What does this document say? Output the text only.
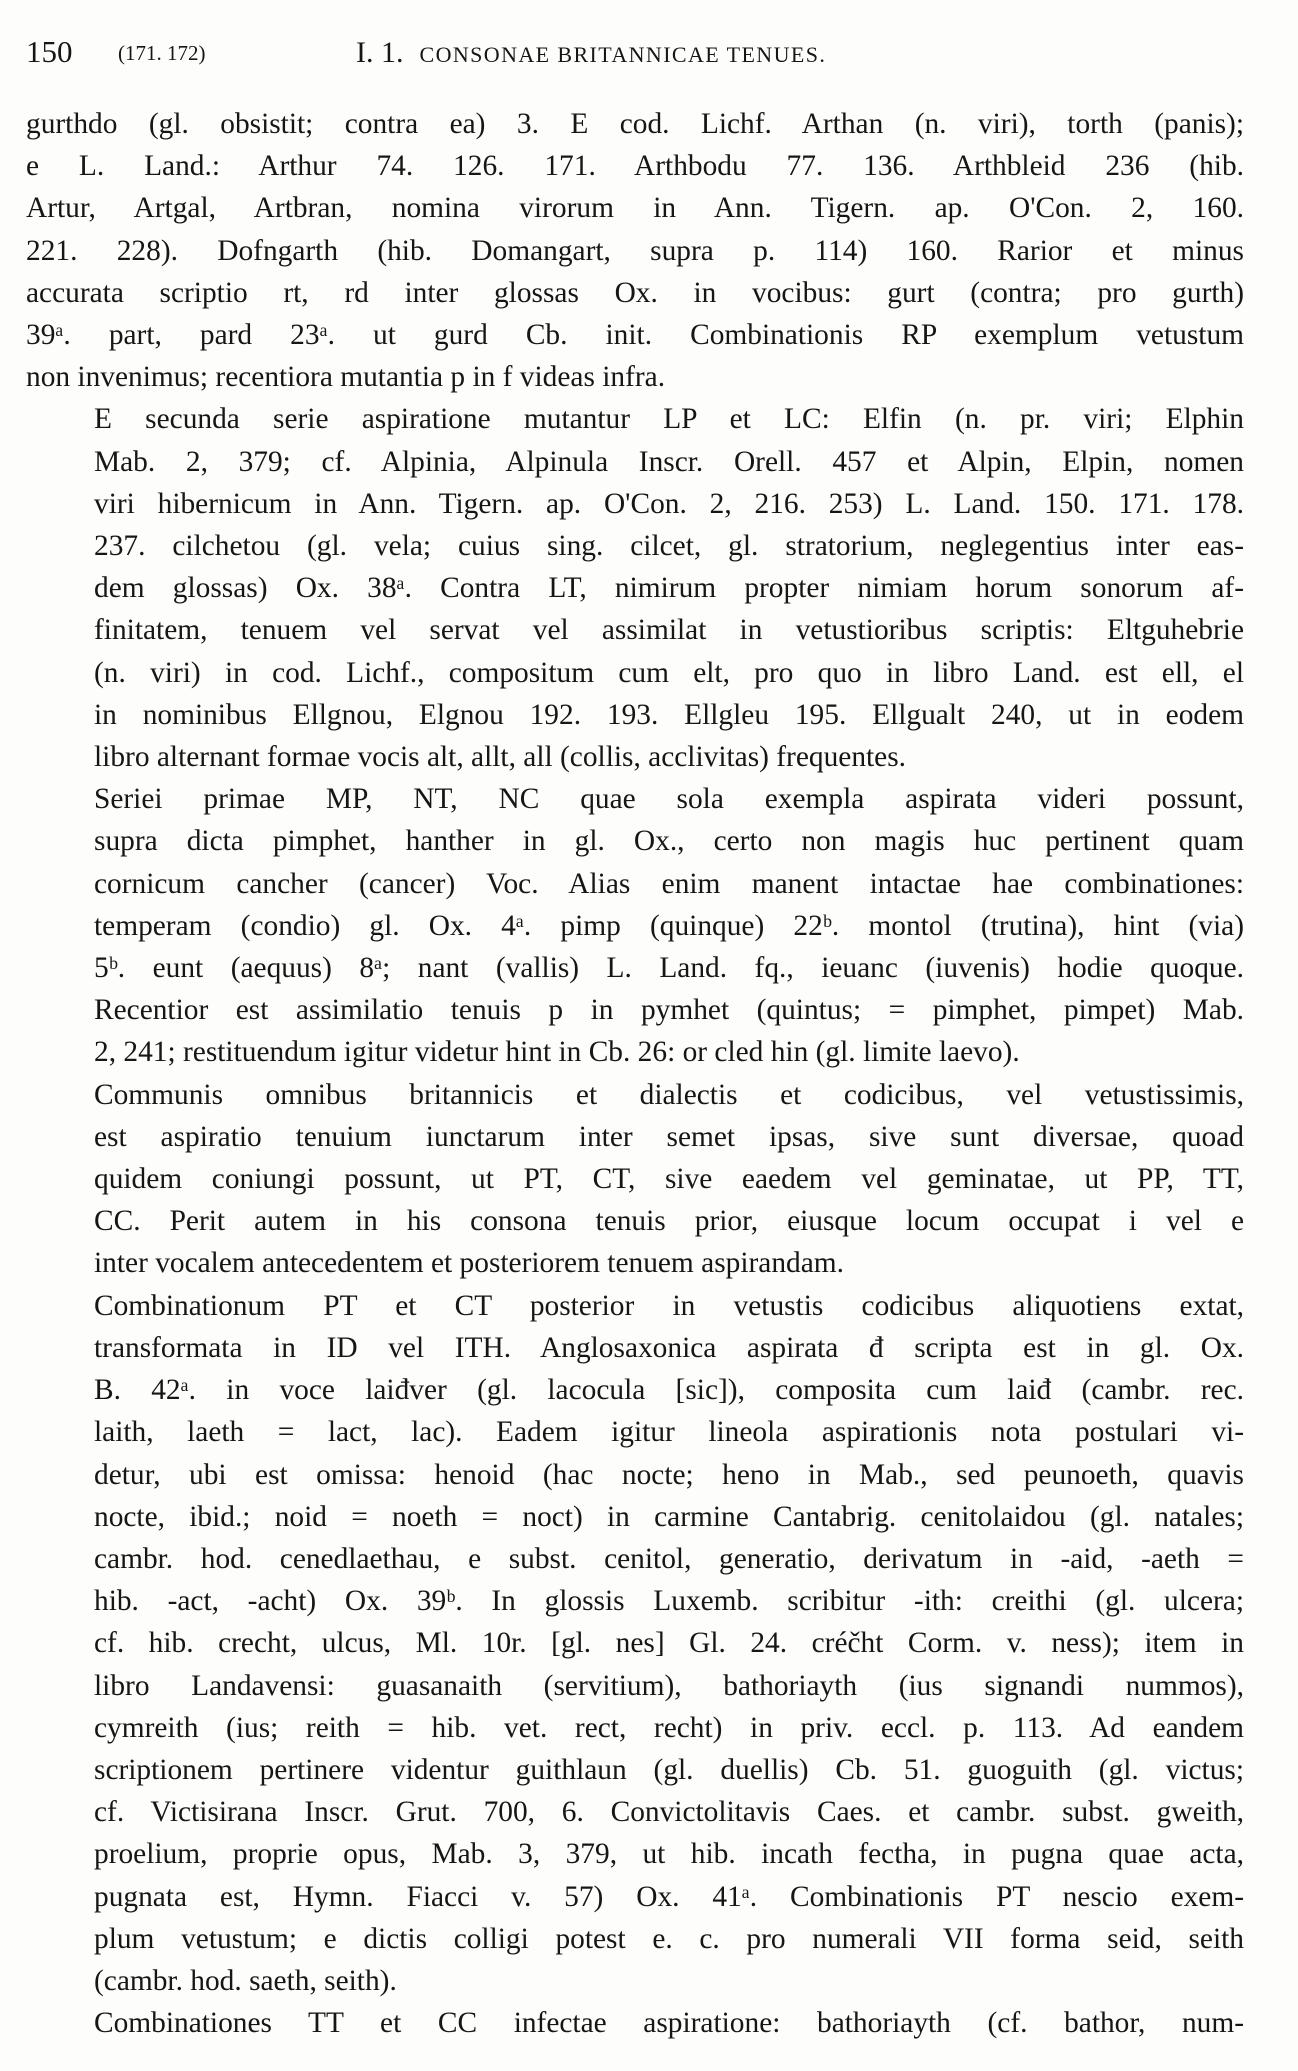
150 (171. 172)	I. 1. CONSONAE BRITANNICAE TENUES.

gurthdo (gl. obsistit; contra ea) 3. E cod. Lichf. Arthan (n. viri), torth (panis);
e L. Land.: Arthur 74. 126. 171. Arthbodu 77. 136. Arthbleid 236 (hib.
Artur, Artgal, Artbran, nomina virorum in Ann. Tigern. ap. O'Con. 2, 160.
221. 228). Dofngarth (hib. Domangart, supra p. 114) 160. Rarior et minus
accurata scriptio rt, rd inter glossas Ox. in vocibus: gurt (contra; pro gurth)
39ᵃ. part, pard 23ᵃ. ut gurd Cb. init. Combinationis RP exemplum vetustum
non invenimus; recentiora mutantia p in f videas infra.

E secunda serie aspiratione mutantur LP et LC: Elfin (n. pr. viri; Elphin
Mab. 2, 379; cf. Alpinia, Alpinula Inscr. Orell. 457 et Alpin, Elpin, nomen
viri hibernicum in Ann. Tigern. ap. O'Con. 2, 216. 253) L. Land. 150. 171. 178.
237. cilchetou (gl. vela; cuius sing. cilcet, gl. stratorium, neglegentius inter eas-
dem glossas) Ox. 38ᵃ. Contra LT, nimirum propter nimiam horum sonorum af-
finitatem, tenuem vel servat vel assimilat in vetustioribus scriptis: Eltguhebrie
(n. viri) in cod. Lichf., compositum cum elt, pro quo in libro Land. est ell, el
in nominibus Ellgnou, Elgnou 192. 193. Ellgleu 195. Ellgualt 240, ut in eodem
libro alternant formae vocis alt, allt, all (collis, acclivitas) frequentes.

Seriei primae MP, NT, NC quae sola exempla aspirata videri possunt,
supra dicta pimphet, hanther in gl. Ox., certo non magis huc pertinent quam
cornicum cancher (cancer) Voc. Alias enim manent intactae hae combinationes:
temperam (condio) gl. Ox. 4ᵃ. pimp (quinque) 22ᵇ. montol (trutina), hint (via)
5ᵇ. eunt (aequus) 8ᵃ; nant (vallis) L. Land. fq., ieuanc (iuvenis) hodie quoque.
Recentior est assimilatio tenuis p in pymhet (quintus; = pimphet, pimpet) Mab.
2, 241; restituendum igitur videtur hint in Cb. 26: or cled hin (gl. limite laevo).

Communis omnibus britannicis et dialectis et codicibus, vel vetustissimis,
est aspiratio tenuium iunctarum inter semet ipsas, sive sunt diversae, quoad
quidem coniungi possunt, ut PT, CT, sive eaedem vel geminatae, ut PP, TT,
CC. Perit autem in his consona tenuis prior, eiusque locum occupat i vel e
inter vocalem antecedentem et posteriorem tenuem aspirandam.

Combinationum PT et CT posterior in vetustis codicibus aliquotiens extat,
transformata in ID vel ITH. Anglosaxonica aspirata đ scripta est in gl. Ox.
B. 42ᵃ. in voce laiđver (gl. lacocula [sic]), composita cum laiđ (cambr. rec.
laith, laeth = lact, lac). Eadem igitur lineola aspirationis nota postulari vi-
detur, ubi est omissa: henoid (hac nocte; heno in Mab., sed peunoeth, quavis
nocte, ibid.; noid = noeth = noct) in carmine Cantabrig. cenitolaidou (gl. natales;
cambr. hod. cenedlaethau, e subst. cenitol, generatio, derivatum in -aid, -aeth =
hib. -act, -acht) Ox. 39ᵇ. In glossis Luxemb. scribitur -ith: creithi (gl. ulcera;
cf. hib. crecht, ulcus, Ml. 10r. [gl. nes] Gl. 24. créčht Corm. v. ness); item in
libro Landavensi: guasanaith (servitium), bathoriayth (ius signandi nummos),
cymreith (ius; reith = hib. vet. rect, recht) in priv. eccl. p. 113. Ad eandem
scriptionem pertinere videntur guithlaun (gl. duellis) Cb. 51. guoguith (gl. victus;
cf. Victisirana Inscr. Grut. 700, 6. Convictolitavis Caes. et cambr. subst. gweith,
proelium, proprie opus, Mab. 3, 379, ut hib. incath fectha, in pugna quae acta,
pugnata est, Hymn. Fiacci v. 57) Ox. 41ᵃ. Combinationis PT nescio exem-
plum vetustum; e dictis colligi potest e. c. pro numerali VII forma seid, seith
(cambr. hod. saeth, seith).

Combinationes TT et CC infectae aspiratione: bathoriayth (cf. bathor, num-
